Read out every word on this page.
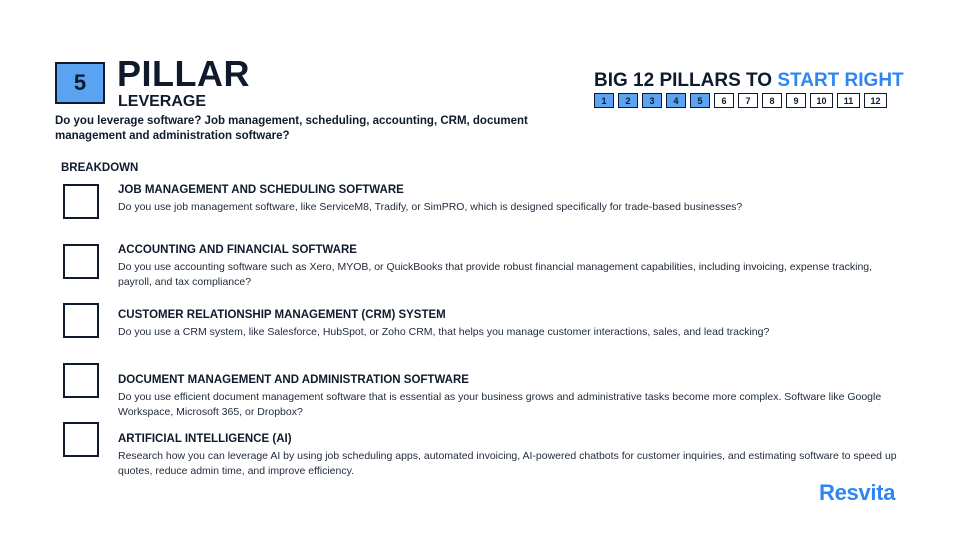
5 PILLAR
LEVERAGE
Do you leverage software? Job management, scheduling, accounting, CRM, document management and administration software?
BIG 12 PILLARS TO START RIGHT
1	2	3	4	5	6	7	8	9	10	11	12
BREAKDOWN
JOB MANAGEMENT AND SCHEDULING SOFTWARE
Do you use job management software, like ServiceM8, Tradify, or SimPRO, which is designed specifically for trade-based businesses?
ACCOUNTING AND FINANCIAL SOFTWARE
Do you use accounting software such as Xero, MYOB, or QuickBooks that provide robust financial management capabilities, including invoicing, expense tracking, payroll, and tax compliance?
CUSTOMER RELATIONSHIP MANAGEMENT (CRM) SYSTEM
Do you use a CRM system, like Salesforce, HubSpot, or Zoho CRM, that helps you manage customer interactions, sales, and lead tracking?
DOCUMENT MANAGEMENT AND ADMINISTRATION SOFTWARE
Do you use efficient document management software that is essential as your business grows and administrative tasks become more complex. Software like Google Workspace, Microsoft 365, or Dropbox?
ARTIFICIAL INTELLIGENCE (AI)
Research how you can leverage AI by using job scheduling apps, automated invoicing, AI-powered chatbots for customer inquiries, and estimating software to speed up quotes, reduce admin time, and improve efficiency.
Resvita
